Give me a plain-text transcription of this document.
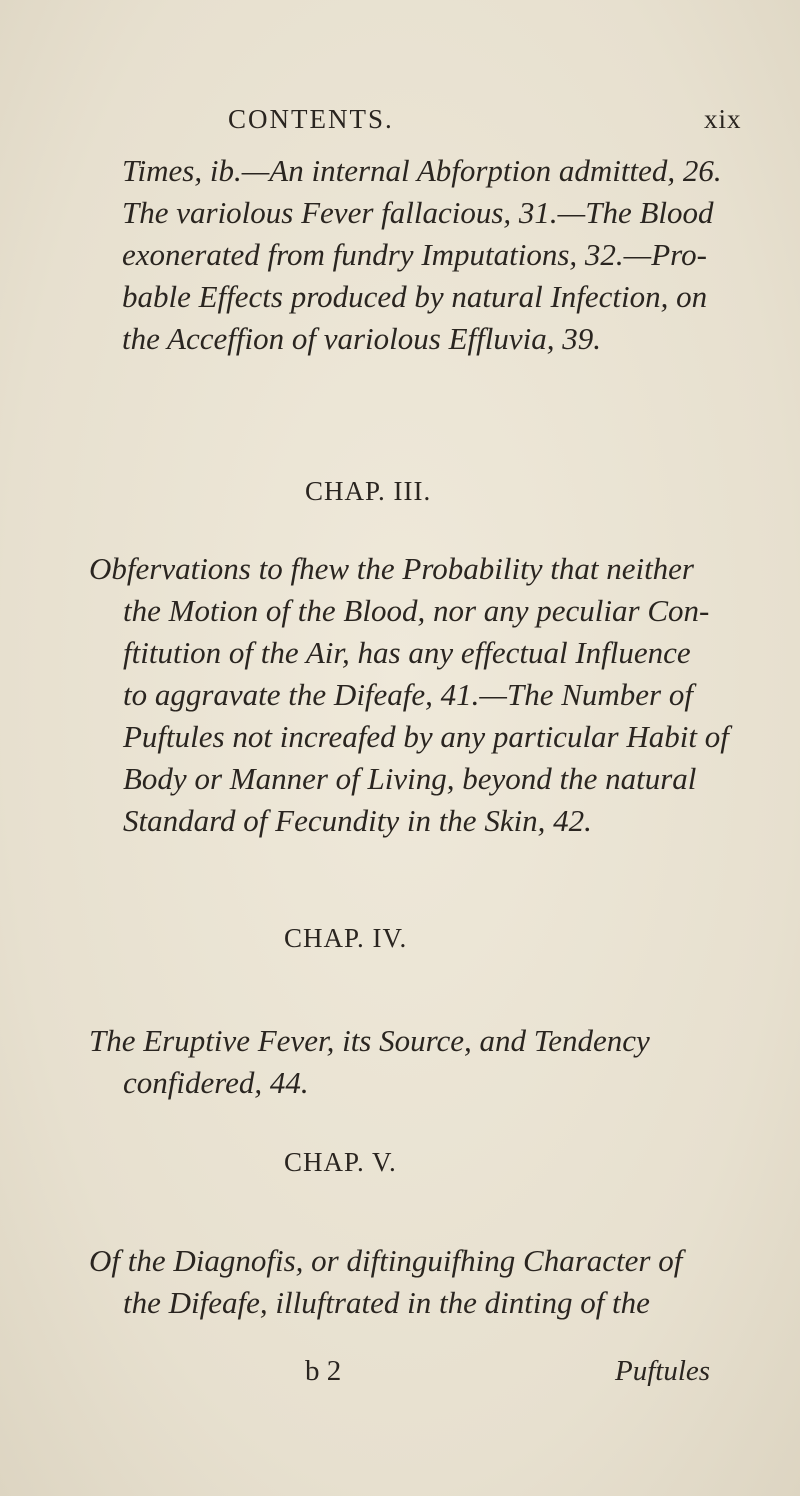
CONTENTS.	xix
Times, ib.—An internal Abforption admitted, 26.
The variolous Fever fallacious, 31.—The Blood
exonerated from fundry Imputations, 32.—Pro-
bable Effects produced by natural Infection, on
the Acceffion of variolous Effluvia, 39.
CHAP. III.
Obfervations to fhew the Probability that neither
the Motion of the Blood, nor any peculiar Con-
ftitution of the Air, has any effectual Influence
to aggravate the Difeafe, 41.—The Number of
Puftules not increafed by any particular Habit of
Body or Manner of Living, beyond the natural
Standard of Fecundity in the Skin, 42.
CHAP. IV.
The Eruptive Fever, its Source, and Tendency
confidered, 44.
CHAP. V.
Of the Diagnofis, or diftinguifhing Character of
the Difeafe, illuftrated in the dinting of the
b 2	Puftules
